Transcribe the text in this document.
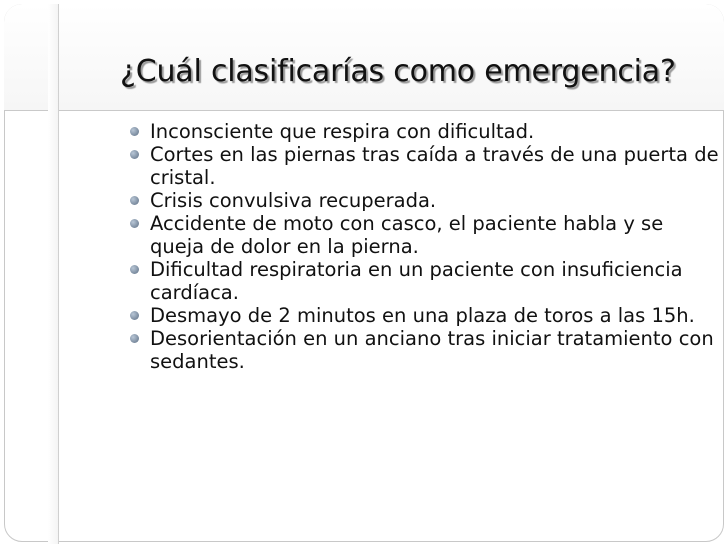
¿Cuál clasificarías como emergencia?
Inconsciente que respira con dificultad.
Cortes en las piernas tras caída a través de una puerta de cristal.
Crisis convulsiva recuperada.
Accidente de moto con casco, el paciente habla y se queja de dolor en la pierna.
Dificultad respiratoria en un paciente con insuficiencia cardíaca.
Desmayo de 2 minutos en una plaza de toros a las 15h.
Desorientación en un anciano tras iniciar tratamiento con sedantes.
